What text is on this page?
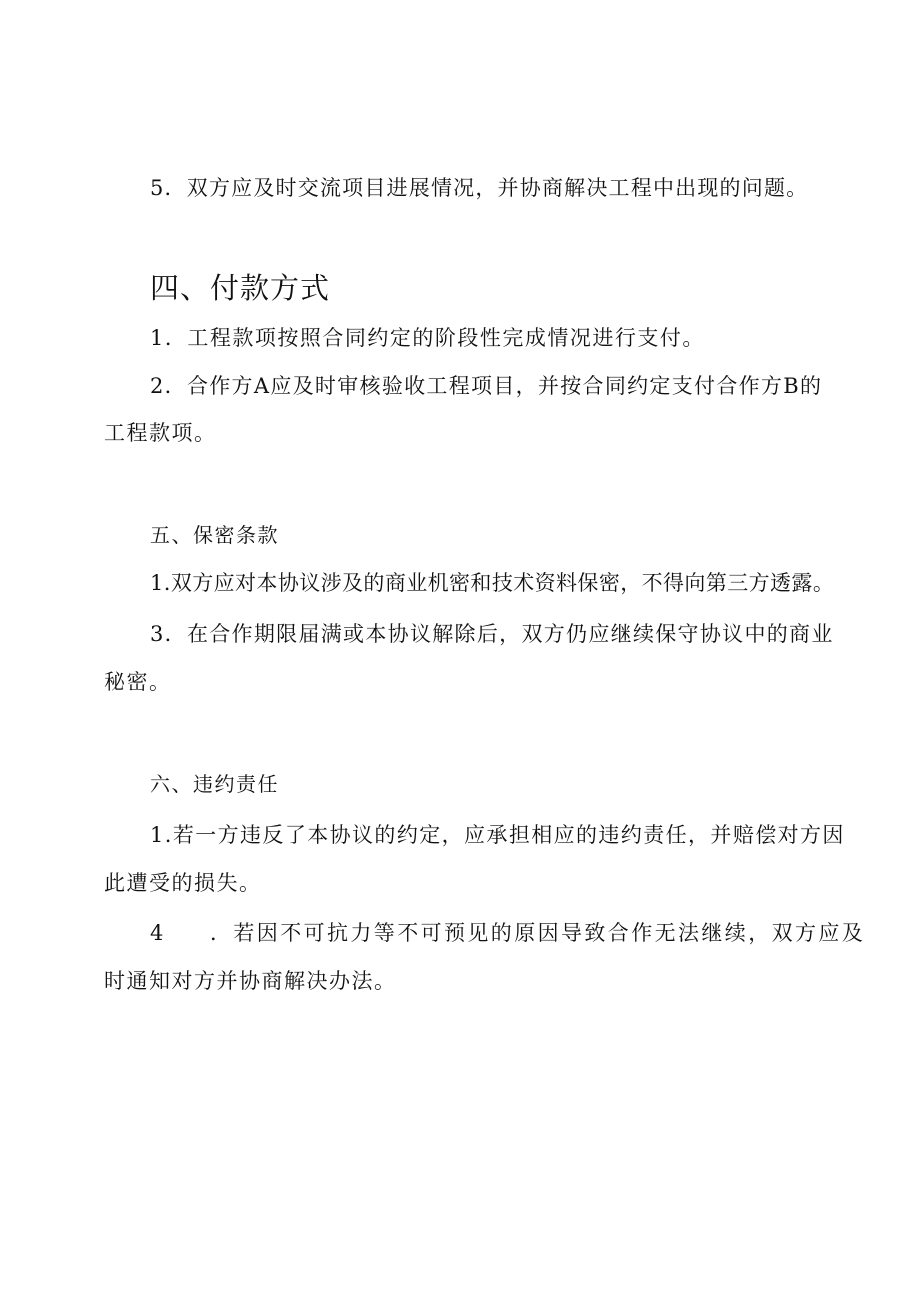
5．双方应及时交流项目进展情况，并协商解决工程中出现的问题。
四、付款方式
1．工程款项按照合同约定的阶段性完成情况进行支付。
2．合作方A应及时审核验收工程项目，并按合同约定支付合作方B的
工程款项。
五、保密条款
1.双方应对本协议涉及的商业机密和技术资料保密，不得向第三方透露。
3．在合作期限届满或本协议解除后，双方仍应继续保守协议中的商业
秘密。
六、违约责任
1.若一方违反了本协议的约定，应承担相应的违约责任，并赔偿对方因
此遭受的损失。
4 ．若因不可抗力等不可预见的原因导致合作无法继续，双方应及
时通知对方并协商解决办法。
